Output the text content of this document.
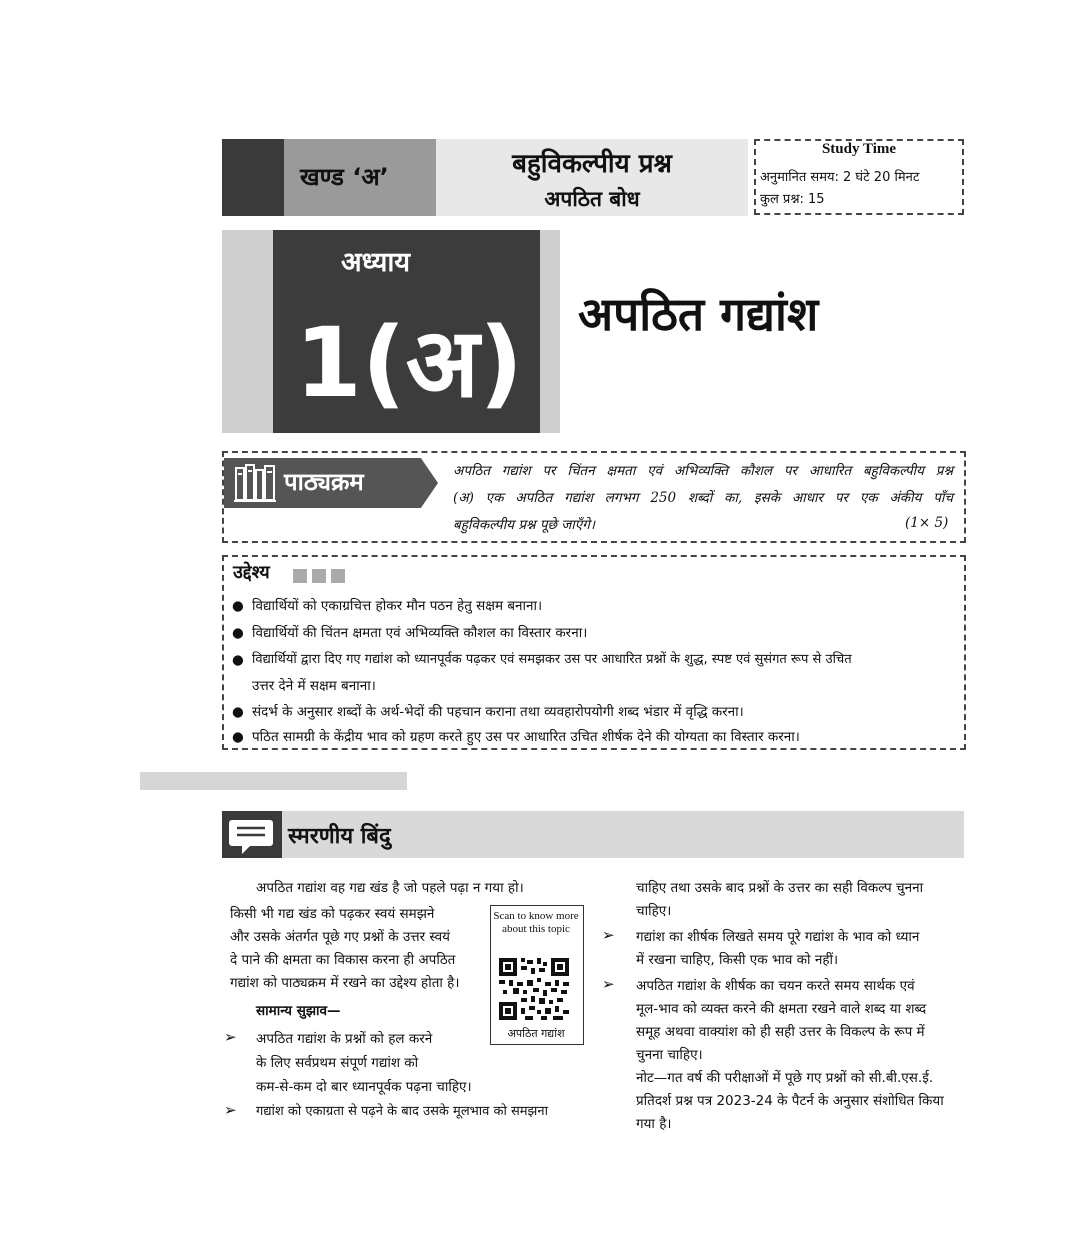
खण्ड ‘अ’	बहुविकल्पीय प्रश्न
अपठित बोध
Study Time
अनुमानित समय: 2 घंटे 20 मिनट
कुल प्रश्न: 15
अध्याय
1(अ)	अपठित गद्यांश
पाठ्यक्रम	अपठित गद्यांश पर चिंतन क्षमता एवं अभिव्यक्ति कौशल पर आधारित बहुविकल्पीय प्रश्न
(अ) एक अपठित गद्यांश लगभग 250 शब्दों का, इसके आधार पर एक अंकीय पाँच
बहुविकल्पीय प्रश्न पूछे जाएँगे।	(1× 5)
उद्देश्य
● विद्यार्थियों को एकाग्रचित्त होकर मौन पठन हेतु सक्षम बनाना।
● विद्यार्थियों की चिंतन क्षमता एवं अभिव्यक्ति कौशल का विस्तार करना।
● विद्यार्थियों द्वारा दिए गए गद्यांश को ध्यानपूर्वक पढ़कर एवं समझकर उस पर आधारित प्रश्नों के शुद्ध, स्पष्ट एवं सुसंगत रूप से उचित
उत्तर देने में सक्षम बनाना।
● संदर्भ के अनुसार शब्दों के अर्थ-भेदों की पहचान कराना तथा व्यवहारोपयोगी शब्द भंडार में वृद्धि करना।
● पठित सामग्री के केंद्रीय भाव को ग्रहण करते हुए उस पर आधारित उचित शीर्षक देने की योग्यता का विस्तार करना।
स्मरणीय बिंदु
अपठित गद्यांश वह गद्य खंड है जो पहले पढ़ा न गया हो।
किसी भी गद्य खंड को पढ़कर स्वयं समझने
और उसके अंतर्गत पूछे गए प्रश्नों के उत्तर स्वयं
दे पाने की क्षमता का विकास करना ही अपठित
गद्यांश को पाठ्यक्रम में रखने का उद्देश्य होता है।
सामान्य सुझाव—
➢ अपठित गद्यांश के प्रश्नों को हल करने
के लिए सर्वप्रथम संपूर्ण गद्यांश को
कम-से-कम दो बार ध्यानपूर्वक पढ़ना चाहिए।
➢ गद्यांश को एकाग्रता से पढ़ने के बाद उसके मूलभाव को समझना
Scan to know more about this topic
अपठित गद्यांश
चाहिए तथा उसके बाद प्रश्नों के उत्तर का सही विकल्प चुनना
चाहिए।
➢ गद्यांश का शीर्षक लिखते समय पूरे गद्यांश के भाव को ध्यान
में रखना चाहिए, किसी एक भाव को नहीं।
➢ अपठित गद्यांश के शीर्षक का चयन करते समय सार्थक एवं
मूल-भाव को व्यक्त करने की क्षमता रखने वाले शब्द या शब्द
समूह अथवा वाक्यांश को ही सही उत्तर के विकल्प के रूप में
चुनना चाहिए।
नोट—गत वर्ष की परीक्षाओं में पूछे गए प्रश्नों को सी.बी.एस.ई.
प्रतिदर्श प्रश्न पत्र 2023-24 के पैटर्न के अनुसार संशोधित किया
गया है।
